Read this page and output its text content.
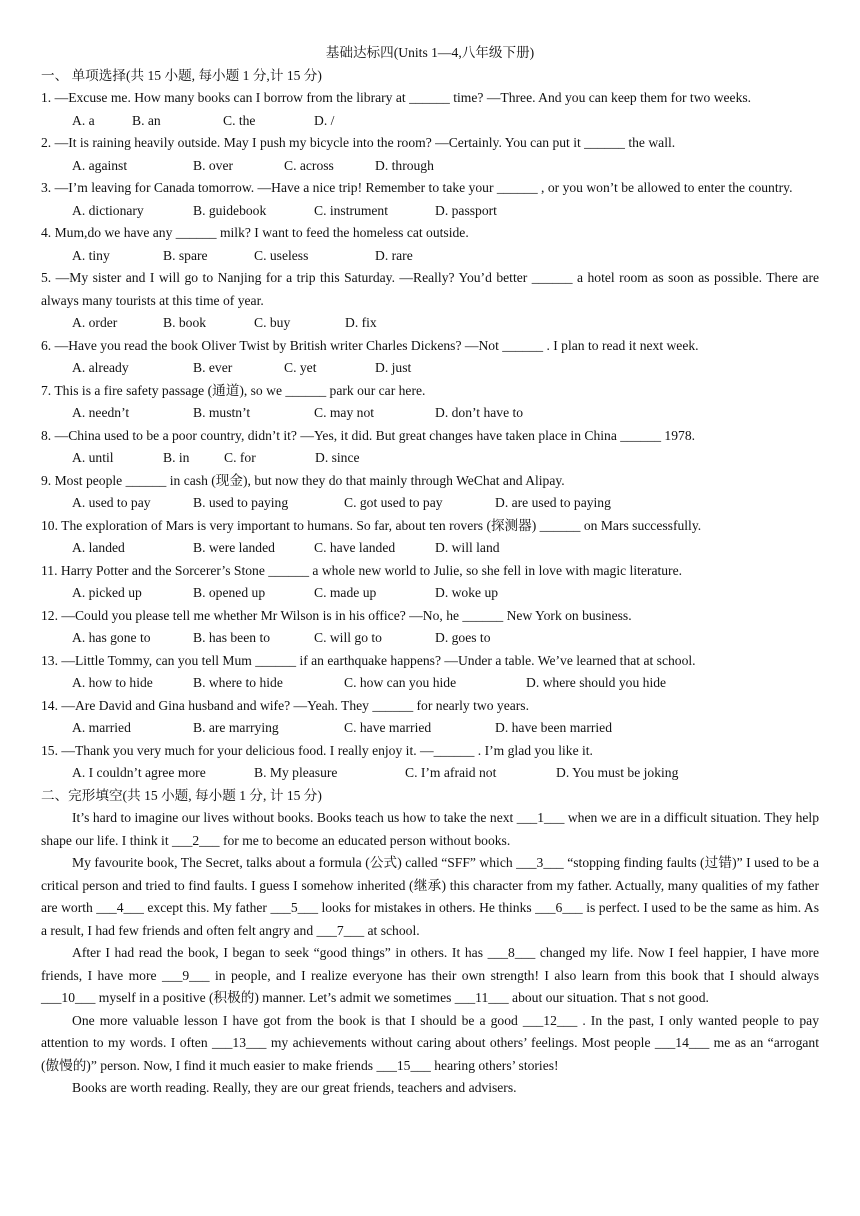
基础达标四(Units 1—4,八年级下册)
一、 单项选择(共 15 小题, 每小题 1 分,计 15 分)
1. —Excuse me. How many books can I borrow from the library at ______ time? —Three. And you can keep them for two weeks.
A. a	B. an	C. the	D. /
2. —It is raining heavily outside. May I push my bicycle into the room? —Certainly. You can put it ______ the wall.
A. against	B. over	C. across	D. through
3. —I’m leaving for Canada tomorrow. —Have a nice trip! Remember to take your ______ , or you won’t be allowed to enter the country.
A. dictionary	B. guidebook	C. instrument	D. passport
4. Mum,do we have any ______ milk? I want to feed the homeless cat outside.
A. tiny	B. spare	C. useless	D. rare
5. —My sister and I will go to Nanjing for a trip this Saturday. —Really? You’d better ______ a hotel room as soon as possible. There are always many tourists at this time of year.
A. order	B. book	C. buy	D. fix
6. —Have you read the book Oliver Twist by British writer Charles Dickens? —Not ______ . I plan to read it next week.
A. already	B. ever	C. yet	D. just
7. This is a fire safety passage (通道), so we ______ park our car here.
A. needn’t	B. mustn’t	C. may not	D. don’t have to
8. —China used to be a poor country, didn’t it? —Yes, it did. But great changes have taken place in China ______ 1978.
A. until	B. in	C. for	D. since
9. Most people ______ in cash (现金), but now they do that mainly through WeChat and Alipay.
A. used to pay	B. used to paying	C. got used to pay	D. are used to paying
10. The exploration of Mars is very important to humans. So far, about ten rovers (探测器) ______ on Mars successfully.
A. landed	B. were landed	C. have landed	D. will land
11. Harry Potter and the Sorcerer’s Stone ______ a whole new world to Julie, so she fell in love with magic literature.
A. picked up	B. opened up	C. made up	D. woke up
12. —Could you please tell me whether Mr Wilson is in his office? —No, he ______ New York on business.
A. has gone to	B. has been to	C. will go to	D. goes to
13. —Little Tommy, can you tell Mum ______ if an earthquake happens? —Under a table. We’ve learned that at school.
A. how to hide	B. where to hide	C. how can you hide	D. where should you hide
14. —Are David and Gina husband and wife? —Yeah. They ______ for nearly two years.
A. married	B. are marrying	C. have married	D. have been married
15. —Thank you very much for your delicious food. I really enjoy it. —______ . I’m glad you like it.
A. I couldn’t agree more	B. My pleasure	C. I’m afraid not	D. You must be joking
二、完形填空(共 15 小题, 每小题 1 分, 计 15 分)
It’s hard to imagine our lives without books. Books teach us how to take the next ___1___ when we are in a difficult situation. They help shape our life. I think it ___2___ for me to become an educated person without books.
My favourite book, The Secret, talks about a formula (公式) called “SFF” which ___3___ “stopping finding faults (过错)” I used to be a critical person and tried to find faults. I guess I somehow inherited (继承) this character from my father. Actually, many qualities of my father are worth ___4___ except this. My father ___5___ looks for mistakes in others. He thinks ___6___ is perfect. I used to be the same as him. As a result, I had few friends and often felt angry and ___7___ at school.
After I had read the book, I began to seek “good things” in others. It has ___8___ changed my life. Now I feel happier, I have more friends, I have more ___9___ in people, and I realize everyone has their own strength! I also learn from this book that I should always ___10___ myself in a positive (积极的) manner. Let’s admit we sometimes ___11___ about our situation. That s not good.
One more valuable lesson I have got from the book is that I should be a good ___12___ . In the past, I only wanted people to pay attention to my words. I often ___13___ my achievements without caring about others’ feelings. Most people ___14___ me as an “arrogant (傲慢的)” person. Now, I find it much easier to make friends ___15___ hearing others’ stories!
Books are worth reading. Really, they are our great friends, teachers and advisers.
